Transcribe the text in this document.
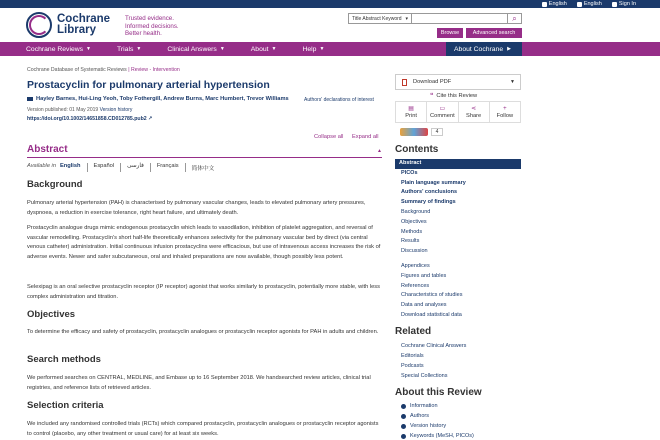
English	English	Sign In
Cochrane
Library
Trusted evidence.
Informed decisions.
Better health.
Title Abstract Keyword ▾	⌕
Browse	Advanced search
Cochrane Reviews ▼	Trials ▼	Clinical Answers ▼	About ▼	Help ▼	About Cochrane ▶
Cochrane Database of Systematic Reviews | Review - Intervention
Prostacyclin for pulmonary arterial hypertension
Hayley Barnes, Hui-Ling Yeoh, Toby Fothergill, Andrew Burns, Marc Humbert, Trevor Williams	Authors' declarations of interest
Version published: 01 May 2019 Version history
https://doi.org/10.1002/14651858.CD012785.pub2 ↗
Collapse all Expand all
Abstract	▲
Available in English	Español	فارسی	Français	简体中文
Background
Pulmonary arterial hypertension (PAH) is characterised by pulmonary vascular changes, leads to elevated pulmonary artery pressures, dyspnoea, a reduction in exercise tolerance, right heart failure, and ultimately death.
Prostacyclin analogue drugs mimic endogenous prostacyclin which leads to vasodilation, inhibition of platelet aggregation, and reversal of vascular remodelling. Prostacyclin’s short half-life theoretically enhances selectivity for the pulmonary vascular bed by direct (via central venous catheter) administration. Initial continuous infusion prostacyclins were efficacious, but use of intravenous access increases the risk of adverse events. Newer and safer subcutaneous, oral and inhaled preparations are now available, though possibly less potent.
Selexipag is an oral selective prostacyclin receptor (IP receptor) agonist that works similarly to prostacyclin, potentially more stable, with less complex administration and titration.
Objectives
To determine the efficacy and safety of prostacyclin, prostacyclin analogues or prostacyclin receptor agonists for PAH in adults and children.
Search methods
We performed searches on CENTRAL, MEDLINE, and Embase up to 16 September 2018. We handsearched review articles, clinical trial registries, and reference lists of retrieved articles.
Selection criteria
We included any randomised controlled trials (RCTs) which compared prostacyclin, prostacyclin analogues or prostacyclin receptor agonists to control (placebo, any other treatment or usual care) for at least six weeks.
Download PDF	▼
❝ Cite this Review
▤
Print
▭
Comment
⋖
Share
+
Follow
4
Contents
Abstract
PICOs
Plain language summary
Authors' conclusions
Summary of findings
Background
Objectives
Methods
Results
Discussion
Appendices
Figures and tables
References
Characteristics of studies
Data and analyses
Download statistical data
Related
Cochrane Clinical Answers
Editorials
Podcasts
Special Collections
About this Review
Information
Authors
Version history
Keywords (MeSH, PICOs)
